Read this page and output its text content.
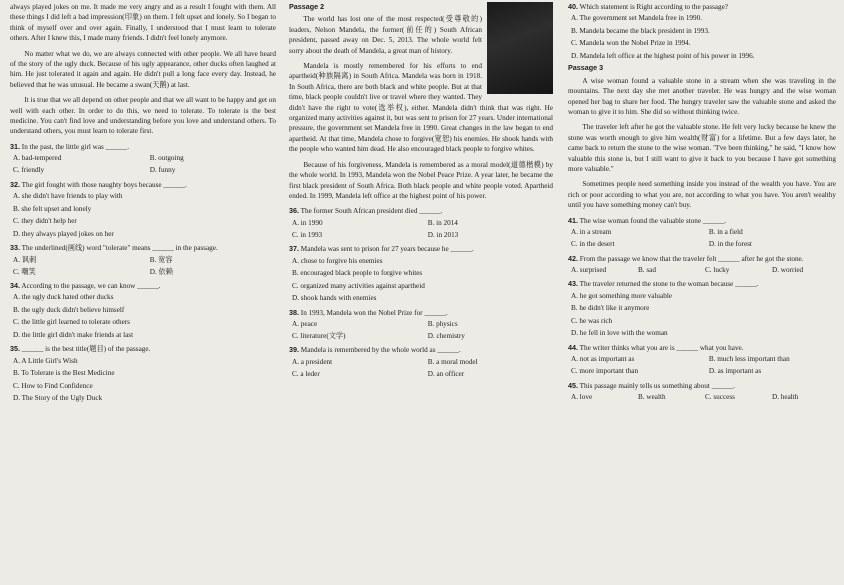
always played jokes on me. It made me very angry and as a result I fought with them. All these things I did left a bad impression(印象) on them. I felt upset and lonely. So I began to think of myself over and over again. Finally, I understood that I must learn to tolerate others. After I knew this, I made many friends. I didn't feel lonely anymore.

No matter what we do, we are always connected with other people. We all have heard of the story of the ugly duck. Because of his ugly appearance, other ducks often laughed at him. He just tolerated it again and again. He didn't pull a long face every day. Instead, he believed that he was unusual. He became a swan(天鹅) at last.

It is true that we all depend on other people and that we all want to be happy and get on well with each other. In order to do this, we need to tolerate. To tolerate is the best medicine. You can't find love and understanding before you love and understand others. To understand others, you must learn to tolerate first.

31. In the past, the little girl was ______.
A. bad-tempered	B. outgoing
C. friendly	D. funny
32. The girl fought with those naughty boys because ______.
A. she didn't have friends to play with
B. she felt upset and lonely
C. they didn't help her
D. they always played jokes on her
33. The underlined(画线) word "tolerate" means ______ in the passage.
A. 讽刺	B. 宽容
C. 嘲笑	D. 依赖
34. According to the passage, we can know ______.
A. the ugly duck hated other ducks
B. the ugly duck didn't believe himself
C. the little girl learned to tolerate others
D. the little girl didn't make friends at last
35. ______ is the best title(题目) of the passage.
A. A Little Girl's Wish
B. To Tolerate is the Best Medicine
C. How to Find Confidence
D. The Story of the Ugly Duck
Passage 2

The world has lost one of the most respected(受尊敬的) leaders, Nelson Mandela, the former(前任的) South African president, passed away on Dec. 5, 2013. The whole world felt sorry about the death of Mandela, a great man of history.

Mandela is mostly remembered for his efforts to end apartheid(种族隔离) in South Africa. Mandela was born in 1918. In South Africa, there are both black and white people. But at that time, black people couldn't live or travel where they wanted. They didn't have the right to vote(选举权), either. Mandela didn't think that was right. He organized many activities against it, but was sent to prison for 27 years. Under international pressure, the government set Mandela free in 1990. Great changes in the law began to end apartheid. At that time, Mandela chose to forgive(宽恕) his enemies. He shook hands with the people who wanted him dead. He also encouraged black people to forgive whites.

Because of his forgiveness, Mandela is remembered as a moral model(道德楷模) by the whole world. In 1993, Mandela won the Nobel Peace Prize. A year later, he became the first black president of South Africa. Both black people and white people voted. Apartheid ended. In 1999, Mandela left office at the highest point of his power.

36. The former South African president died ______.
A. in 1990	B. in 2014
C. in 1993	D. in 2013
37. Mandela was sent to prison for 27 years because he ______.
A. chose to forgive his enemies
B. encouraged black people to forgive whites
C. organized many activities against apartheid
D. shook hands with enemies
38. In 1993, Mandela won the Nobel Prize for ______.
A. peace	B. physics
C. literature(文学)	D. chemistry
39. Mandela is remembered by the whole world as ______.
A. a president	B. a moral model
C. a leder	D. an officer
40. Which statement is Right according to the passage?
A. The government set Mandela free in 1990.
B. Mandela became the black president in 1993.
C. Mandela won the Nobel Prize in 1994.
D. Mandela left office at the highest point of his power in 1996.
Passage 3

A wise woman found a valuable stone in a stream when she was traveling in the mountains. The next day she met another traveler. He was hungry and the wise woman opened her bag to share her food. The hungry traveler saw the valuable stone and asked the woman to give it to him. She did so without thinking twice.

The traveler left after he got the valuable stone. He felt very lucky because he knew the stone was worth enough to give him wealth(财富) for a lifetime. But a few days later, he came back to return the stone to the wise woman. "I've been thinking," he said, "I know how valuable this stone is, but I still want to give it back to you because I have got something more valuable."

Sometimes people need something inside you instead of the wealth you have. You are rich or poor according to what you are, not according to what you have. You aren't wealthy until you have something money can't buy.

41. The wise woman found the valuable stone ______.
A. in a stream	B. in a field
C. in the desert	D. in the forest
42. From the passage we know that the traveler felt ______ after he got the stone.
A. surprised	B. sad	C. lucky	D. worried
43. The traveler returned the stone to the woman because ______.
A. he got something more valuable
B. he didn't like it anymore
C. he was rich
D. he fell in love with the woman
44. The writer thinks what you are is ______ what you have.
A. not as important as	B. much less important than
C. more important than	D. as important as
45. This passage mainly tells us something about ______.
A. love	B. wealth	C. success	D. health
